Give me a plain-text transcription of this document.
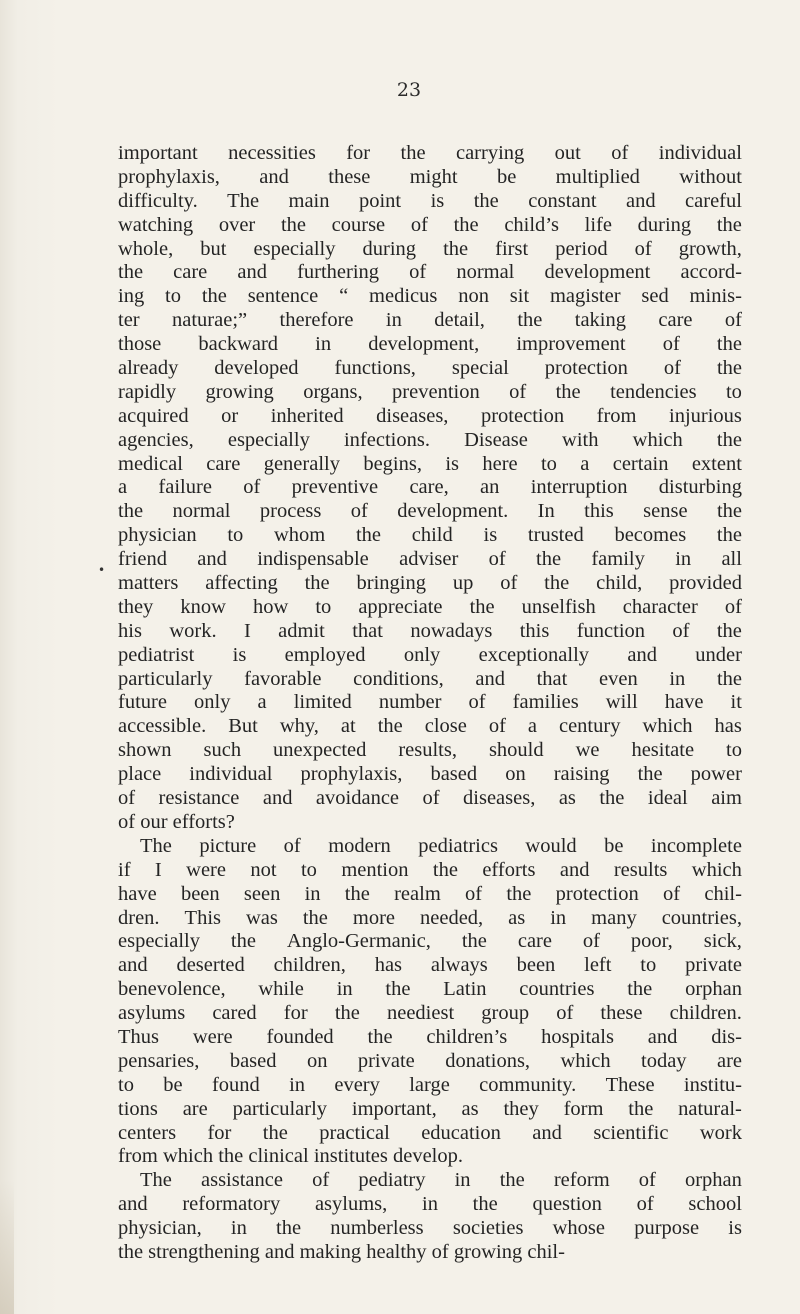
23
•
important necessities for the carrying out of individual
prophylaxis, and these might be multiplied without
difficulty. The main point is the constant and careful
watching over the course of the child’s life during the
whole, but especially during the first period of growth,
the care and furthering of normal development accord-
ing to the sentence “ medicus non sit magister sed minis-
ter naturae;” therefore in detail, the taking care of
those backward in development, improvement of the
already developed functions, special protection of the
rapidly growing organs, prevention of the tendencies to
acquired or inherited diseases, protection from injurious
agencies, especially infections. Disease with which the
medical care generally begins, is here to a certain extent
a failure of preventive care, an interruption disturbing
the normal process of development. In this sense the
physician to whom the child is trusted becomes the
friend and indispensable adviser of the family in all
matters affecting the bringing up of the child, provided
they know how to appreciate the unselfish character of
his work. I admit that nowadays this function of the
pediatrist is employed only exceptionally and under
particularly favorable conditions, and that even in the
future only a limited number of families will have it
accessible. But why, at the close of a century which has
shown such unexpected results, should we hesitate to
place individual prophylaxis, based on raising the power
of resistance and avoidance of diseases, as the ideal aim
of our efforts?
The picture of modern pediatrics would be incomplete
if I were not to mention the efforts and results which
have been seen in the realm of the protection of chil-
dren. This was the more needed, as in many countries,
especially the Anglo-Germanic, the care of poor, sick,
and deserted children, has always been left to private
benevolence, while in the Latin countries the orphan
asylums cared for the neediest group of these children.
Thus were founded the children’s hospitals and dis-
pensaries, based on private donations, which today are
to be found in every large community. These institu-
tions are particularly important, as they form the natural-
centers for the practical education and scientific work
from which the clinical institutes develop.
The assistance of pediatry in the reform of orphan
and reformatory asylums, in the question of school
physician, in the numberless societies whose purpose is
the strengthening and making healthy of growing chil-
